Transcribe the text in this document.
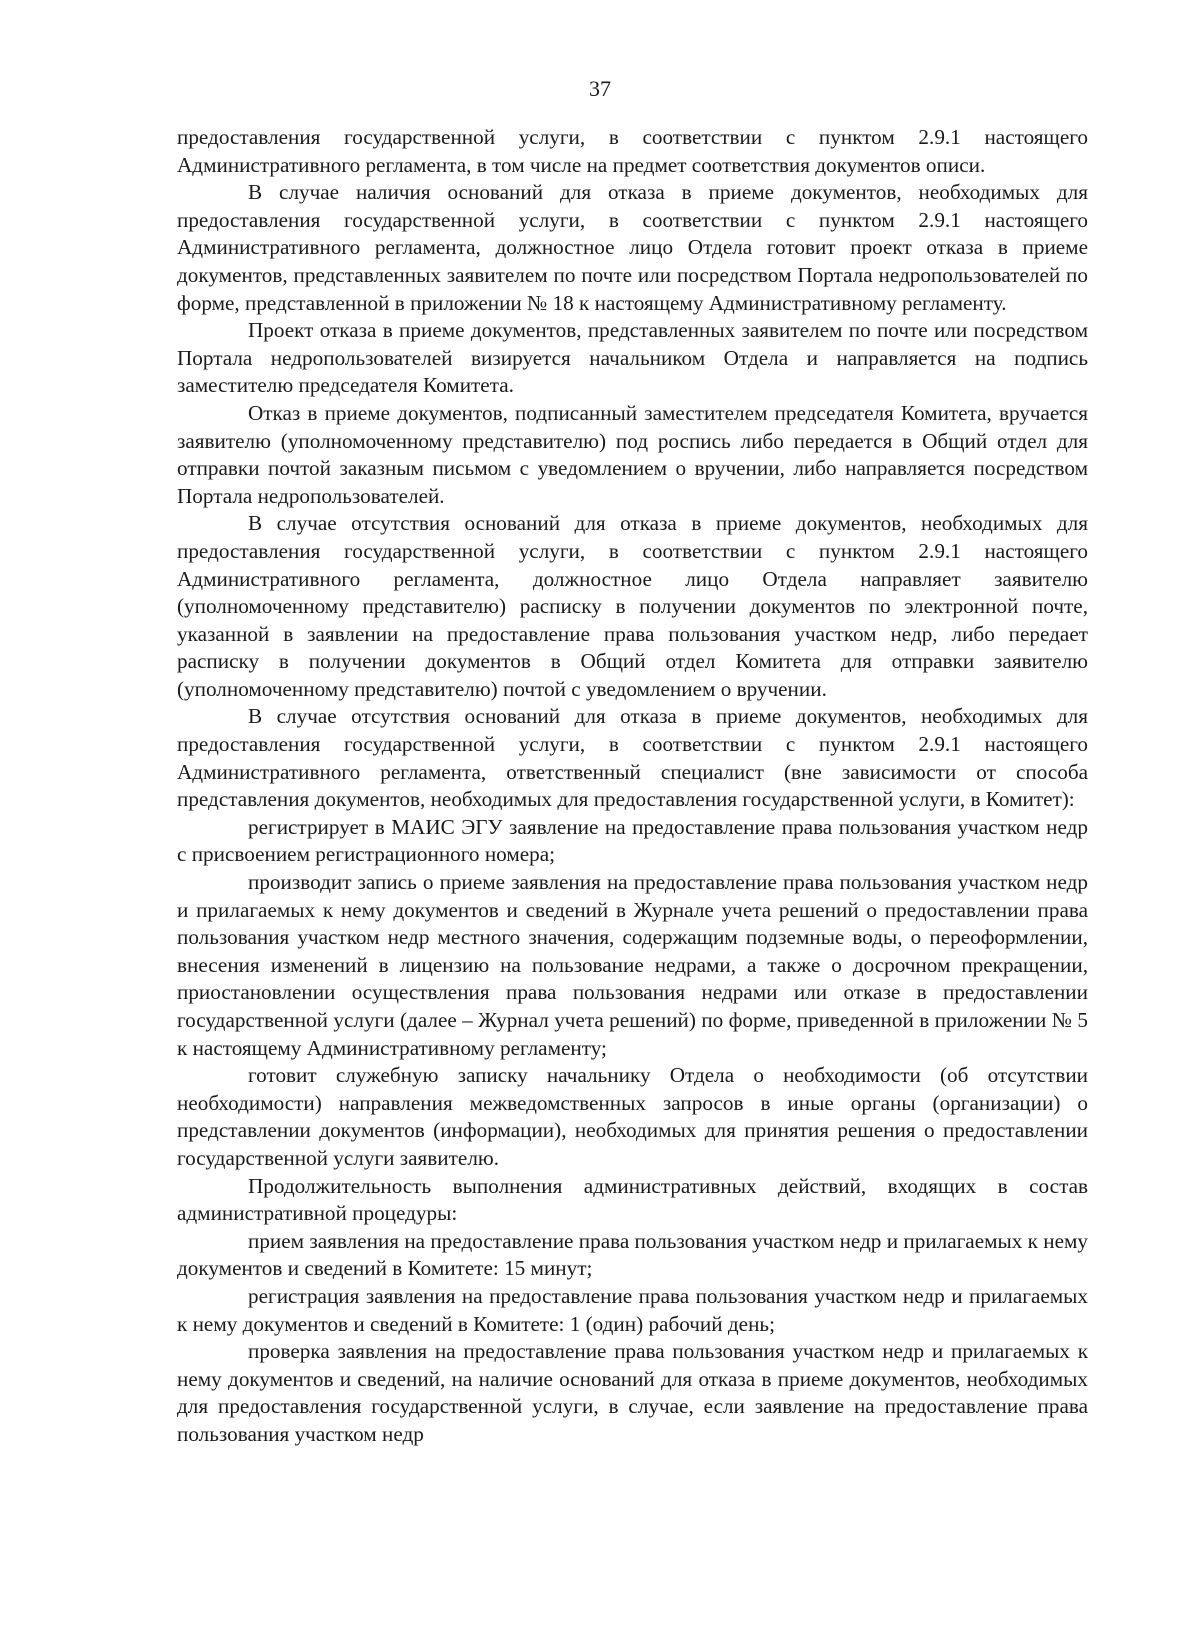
37

предоставления государственной услуги, в соответствии с пунктом 2.9.1 настоящего Административного регламента, в том числе на предмет соответствия документов описи.

В случае наличия оснований для отказа в приеме документов, необходимых для предоставления государственной услуги, в соответствии с пунктом 2.9.1 настоящего Административного регламента, должностное лицо Отдела готовит проект отказа в приеме документов, представленных заявителем по почте или посредством Портала недропользователей по форме, представленной в приложении № 18 к настоящему Административному регламенту.

Проект отказа в приеме документов, представленных заявителем по почте или посредством Портала недропользователей визируется начальником Отдела и направляется на подпись заместителю председателя Комитета.

Отказ в приеме документов, подписанный заместителем председателя Комитета, вручается заявителю (уполномоченному представителю) под роспись либо передается в Общий отдел для отправки почтой заказным письмом с уведомлением о вручении, либо направляется посредством Портала недропользователей.

В случае отсутствия оснований для отказа в приеме документов, необходимых для предоставления государственной услуги, в соответствии с пунктом 2.9.1 настоящего Административного регламента, должностное лицо Отдела направляет заявителю (уполномоченному представителю) расписку в получении документов по электронной почте, указанной в заявлении на предоставление права пользования участком недр, либо передает расписку в получении документов в Общий отдел Комитета для отправки заявителю (уполномоченному представителю) почтой с уведомлением о вручении.

В случае отсутствия оснований для отказа в приеме документов, необходимых для предоставления государственной услуги, в соответствии с пунктом 2.9.1 настоящего Административного регламента, ответственный специалист (вне зависимости от способа представления документов, необходимых для предоставления государственной услуги, в Комитет):

регистрирует в МАИС ЭГУ заявление на предоставление права пользования участком недр с присвоением регистрационного номера;

производит запись о приеме заявления на предоставление права пользования участком недр и прилагаемых к нему документов и сведений в Журнале учета решений о предоставлении права пользования участком недр местного значения, содержащим подземные воды, о переоформлении, внесения изменений в лицензию на пользование недрами, а также о досрочном прекращении, приостановлении осуществления права пользования недрами или отказе в предоставлении государственной услуги (далее – Журнал учета решений) по форме, приведенной в приложении № 5 к настоящему Административному регламенту;

готовит служебную записку начальнику Отдела о необходимости (об отсутствии необходимости) направления межведомственных запросов в иные органы (организации) о представлении документов (информации), необходимых для принятия решения о предоставлении государственной услуги заявителю.

Продолжительность выполнения административных действий, входящих в состав административной процедуры:

прием заявления на предоставление права пользования участком недр и прилагаемых к нему документов и сведений в Комитете: 15 минут;

регистрация заявления на предоставление права пользования участком недр и прилагаемых к нему документов и сведений в Комитете: 1 (один) рабочий день;

проверка заявления на предоставление права пользования участком недр и прилагаемых к нему документов и сведений, на наличие оснований для отказа в приеме документов, необходимых для предоставления государственной услуги, в случае, если заявление на предоставление права пользования участком недр
